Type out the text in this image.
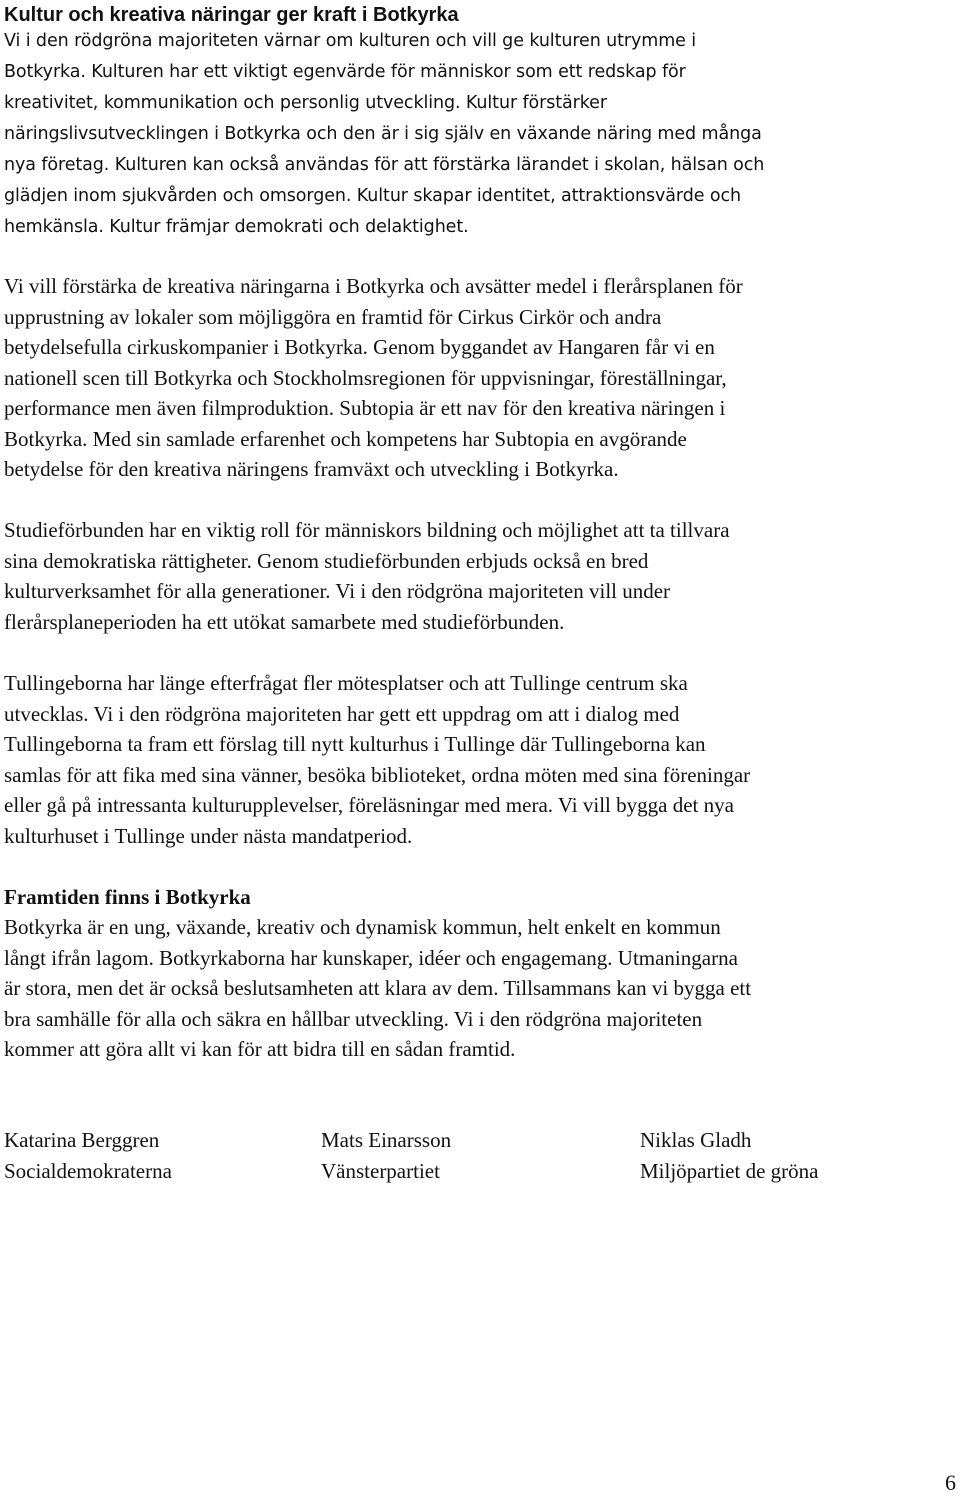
Kultur och kreativa näringar ger kraft i Botkyrka
Vi i den rödgröna majoriteten värnar om kulturen och vill ge kulturen utrymme i
Botkyrka. Kulturen har ett viktigt egenvärde för människor som ett redskap för
kreativitet, kommunikation och personlig utveckling. Kultur förstärker
näringslivsutvecklingen i Botkyrka och den är i sig själv en växande näring med många
nya företag. Kulturen kan också användas för att förstärka lärandet i skolan, hälsan och
glädjen inom sjukvården och omsorgen. Kultur skapar identitet, attraktionsvärde och
hemkänsla. Kultur främjar demokrati och delaktighet.
Vi vill förstärka de kreativa näringarna i Botkyrka och avsätter medel i flerårsplanen för
upprustning av lokaler som möjliggöra en framtid för Cirkus Cirkör och andra
betydelsefulla cirkuskompanier i Botkyrka. Genom byggandet av Hangaren får vi en
nationell scen till Botkyrka och Stockholmsregionen för uppvisningar, föreställningar,
performance men även filmproduktion. Subtopia är ett nav för den kreativa näringen i
Botkyrka. Med sin samlade erfarenhet och kompetens har Subtopia en avgörande
betydelse för den kreativa näringens framväxt och utveckling i Botkyrka.
Studieförbunden har en viktig roll för människors bildning och möjlighet att ta tillvara
sina demokratiska rättigheter. Genom studieförbunden erbjuds också en bred
kulturverksamhet för alla generationer. Vi i den rödgröna majoriteten vill under
flerårsplaneperioden ha ett utökat samarbete med studieförbunden.
Tullingeborna har länge efterfrågat fler mötesplatser och att Tullinge centrum ska
utvecklas. Vi i den rödgröna majoriteten har gett ett uppdrag om att i dialog med
Tullingeborna ta fram ett förslag till nytt kulturhus i Tullinge där Tullingeborna kan
samlas för att fika med sina vänner, besöka biblioteket, ordna möten med sina föreningar
eller gå på intressanta kulturupplevelser, föreläsningar med mera. Vi vill bygga det nya
kulturhuset i Tullinge under nästa mandatperiod.
Framtiden finns i Botkyrka
Botkyrka är en ung, växande, kreativ och dynamisk kommun, helt enkelt en kommun
långt ifrån lagom. Botkyrkaborna har kunskaper, idéer och engagemang. Utmaningarna
är stora, men det är också beslutsamheten att klara av dem. Tillsammans kan vi bygga ett
bra samhälle för alla och säkra en hållbar utveckling. Vi i den rödgröna majoriteten
kommer att göra allt vi kan för att bidra till en sådan framtid.
Katarina Berggren
Socialdemokraterna
Mats Einarsson
Vänsterpartiet
Niklas Gladh
Miljöpartiet de gröna
6
